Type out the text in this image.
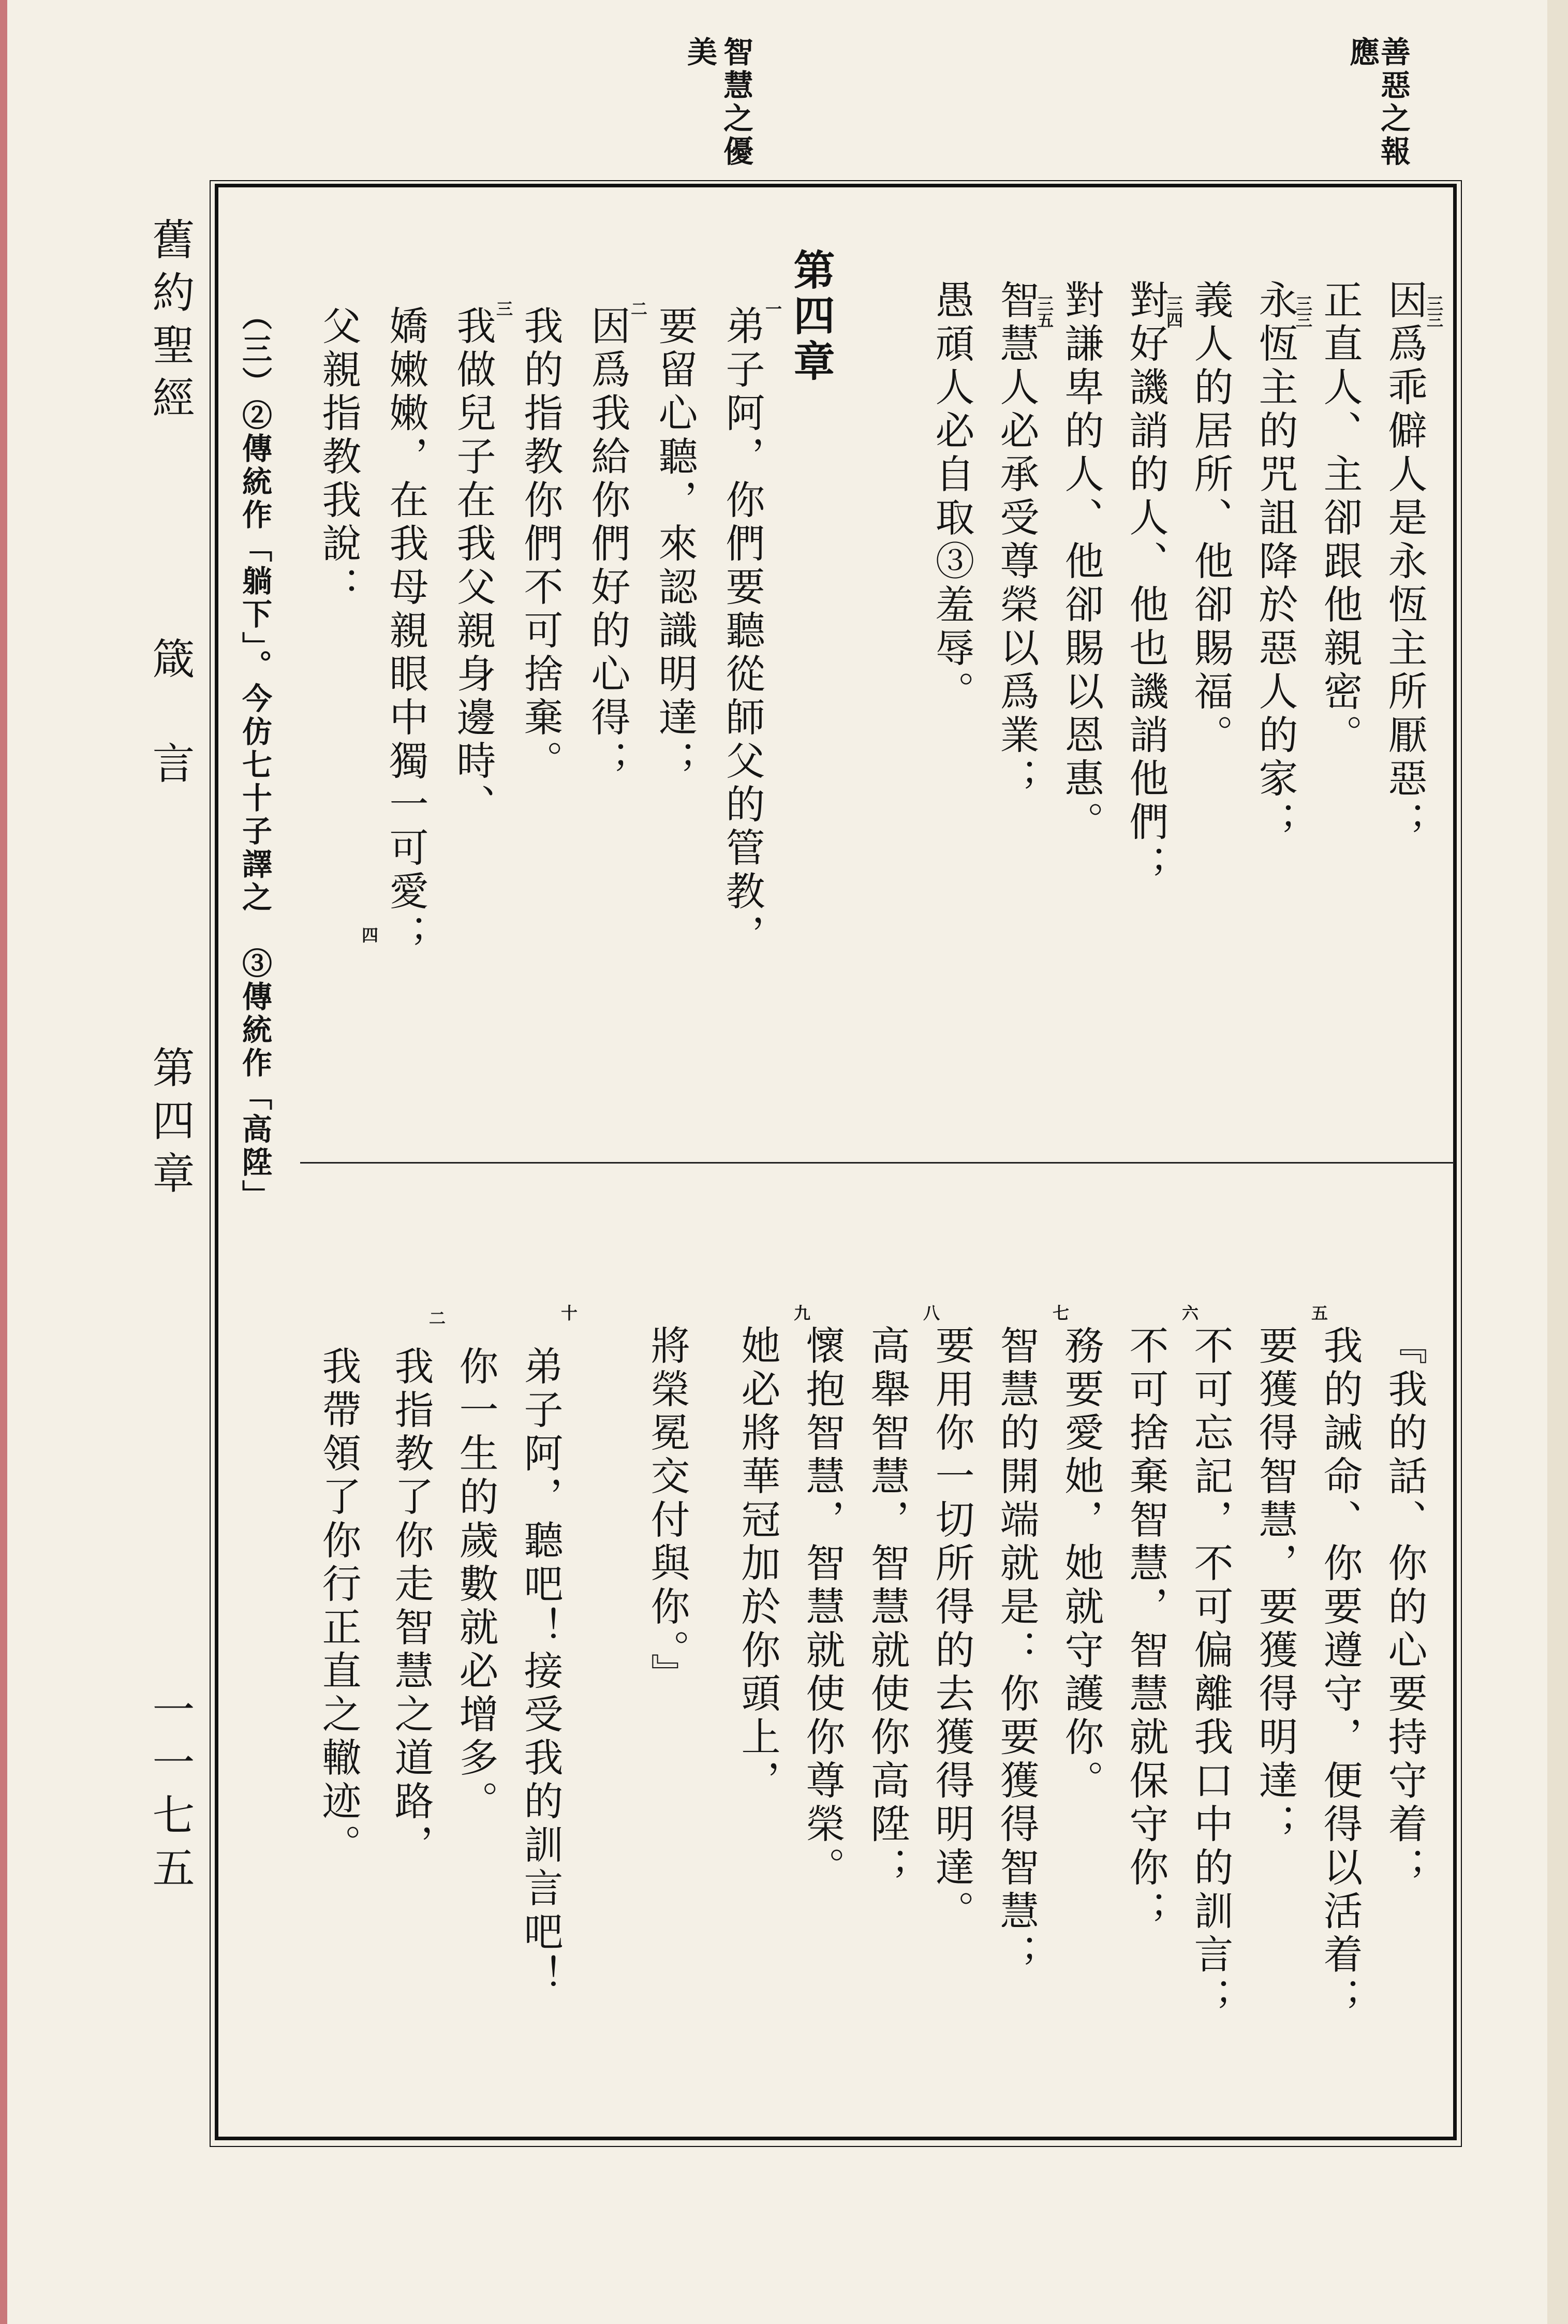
善惡之報
應
智慧之優
美
舊約聖經
箴言
第四章
一一七五
因爲乖僻人是永恆主所厭惡；
三三
正直人、主卻跟他親密。
永恆主的咒詛降於惡人的家；
三三
義人的居所、他卻賜福。
對好譏誚的人、他也譏誚他們；
三四
對謙卑的人、他卻賜以恩惠。
智慧人必承受尊榮以爲業；
三五
愚頑人必自取③羞辱。
第四章
弟子阿，你們要聽從師父的管教，
一
要留心聽，來認識明達；
因爲我給你們好的心得；
二
我的指教你們不可捨棄。
我做兒子在我父親身邊時、
三
嬌嫩嫩，在我母親眼中獨一可愛；
四
父親指教我說：
（三）②傳統作「躺下」。今仿七十子譯之　③傳統作「高陞」
『我的話、你的心要持守着；
我的誡命、你要遵守，便得以活着；
五
要獲得智慧，要獲得明達；
不可忘記，不可偏離我口中的訓言；
六
不可捨棄智慧，智慧就保守你；
務要愛她，她就守護你。
七
智慧的開端就是：你要獲得智慧；
要用你一切所得的去獲得明達。
八
高舉智慧，智慧就使你高陞；
懷抱智慧，智慧就使你尊榮。
九
她必將華冠加於你頭上，
將榮冕交付與你。』
弟子阿，聽吧！接受我的訓言吧！
十
你一生的歲數就必增多。
我指教了你走智慧之道路，
二
我帶領了你行正直之轍迹。
